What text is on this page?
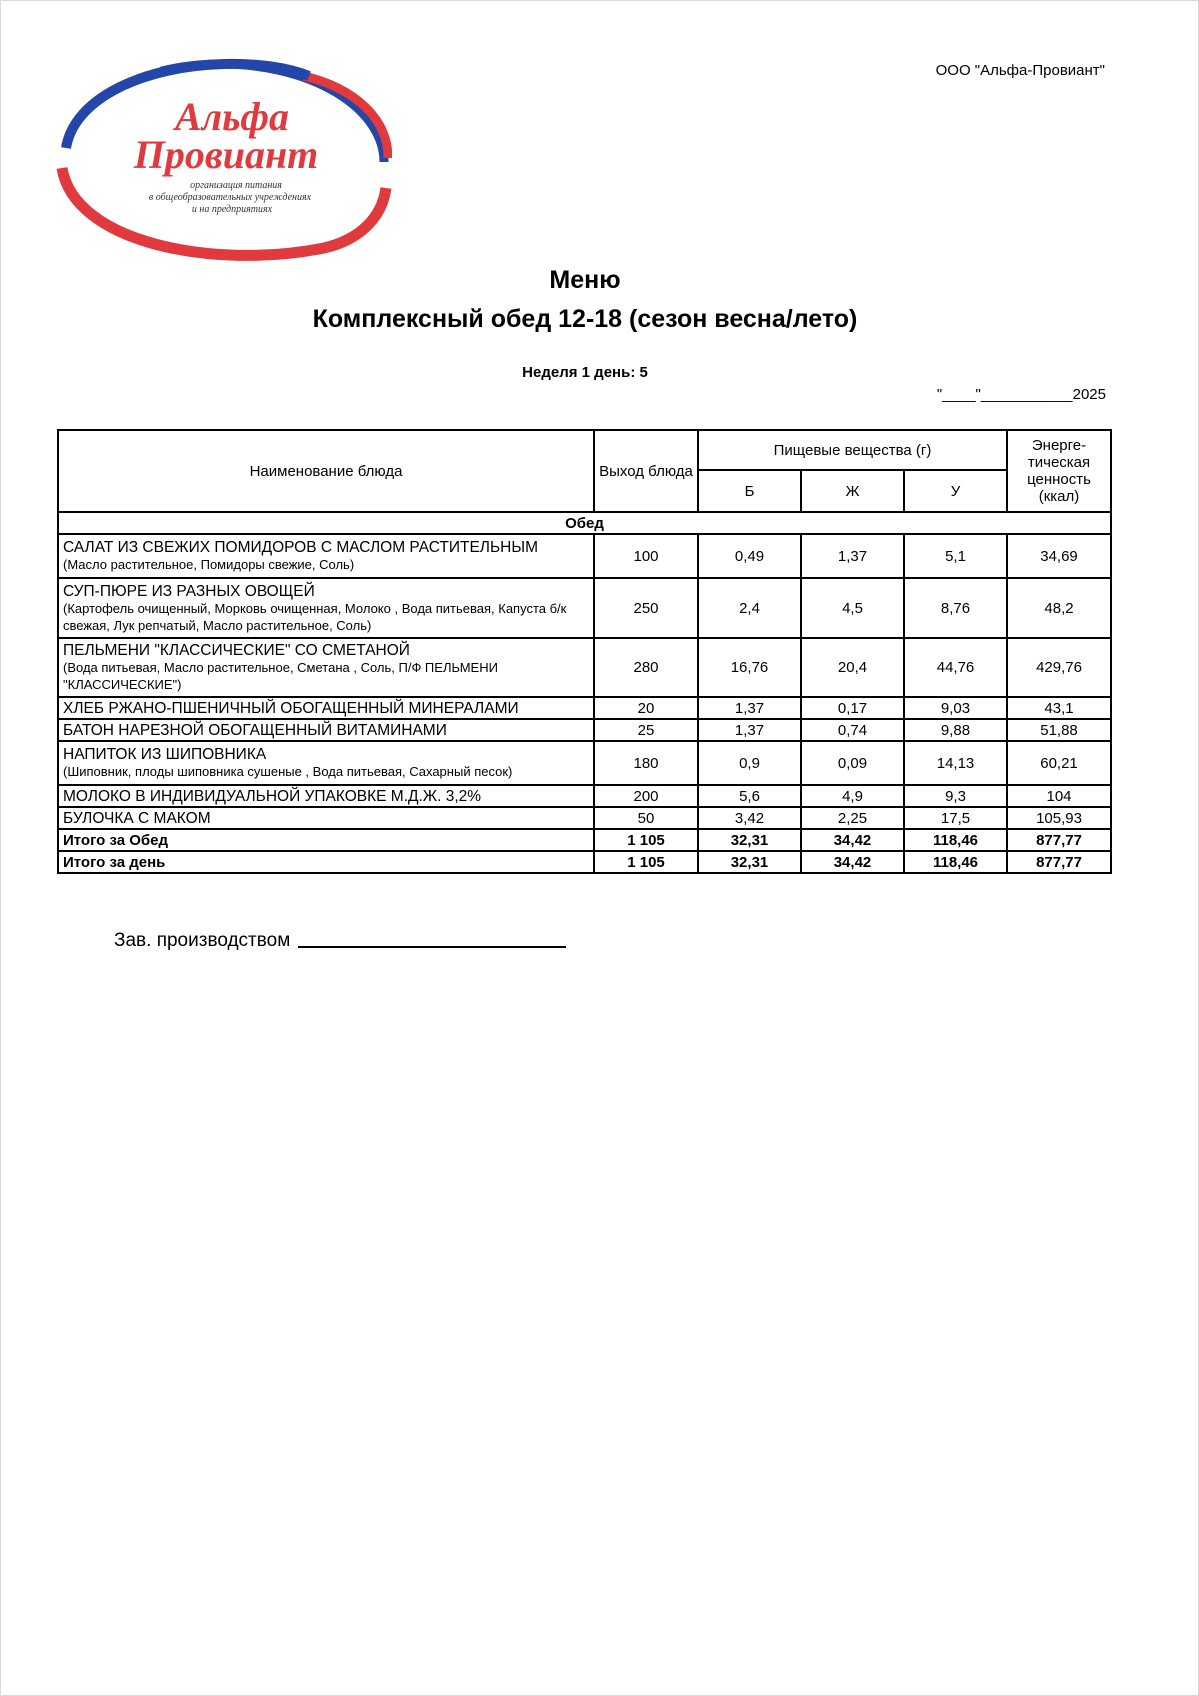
Альфа
Провиант
организация питания
в общеобразовательных учреждениях
и на предприятиях
ООО "Альфа-Провиант"
Меню
Комплексный обед 12-18 (сезон весна/лето)
Неделя 1 день: 5
"____"___________2025
Наименование блюда	Выход блюда	Пищевые вещества (г)			Энерге-тическая ценность (ккал)
		Б	Ж	У	
Обед					

САЛАТ ИЗ СВЕЖИХ ПОМИДОРОВ С МАСЛОМ РАСТИТЕЛЬНЫМ
(Масло растительное, Помидоры свежие, Соль)	100	0,49	1,37	5,1	34,69

СУП-ПЮРЕ ИЗ РАЗНЫХ ОВОЩЕЙ
(Картофель очищенный, Морковь очищенная, Молоко , Вода питьевая, Капуста б/к свежая, Лук репчатый, Масло растительное, Соль)	250	2,4	4,5	8,76	48,2

ПЕЛЬМЕНИ "КЛАССИЧЕСКИЕ" СО СМЕТАНОЙ
(Вода питьевая, Масло растительное, Сметана , Соль, П/Ф ПЕЛЬМЕНИ "КЛАССИЧЕСКИЕ")	280	16,76	20,4	44,76	429,76

ХЛЕБ РЖАНО-ПШЕНИЧНЫЙ ОБОГАЩЕННЫЙ МИНЕРАЛАМИ	20	1,37	0,17	9,03	43,1

БАТОН НАРЕЗНОЙ ОБОГАЩЕННЫЙ ВИТАМИНАМИ	25	1,37	0,74	9,88	51,88

НАПИТОК ИЗ ШИПОВНИКА
(Шиповник, плоды шиповника сушеные , Вода питьевая, Сахарный песок)	180	0,9	0,09	14,13	60,21

МОЛОКО В ИНДИВИДУАЛЬНОЙ УПАКОВКЕ М.Д.Ж. 3,2%	200	5,6	4,9	9,3	104

БУЛОЧКА С МАКОМ	50	3,42	2,25	17,5	105,93
Итого за Обед	1 105	32,31	34,42	118,46	877,77
Итого за день	1 105	32,31	34,42	118,46	877,77
Зав. производством
